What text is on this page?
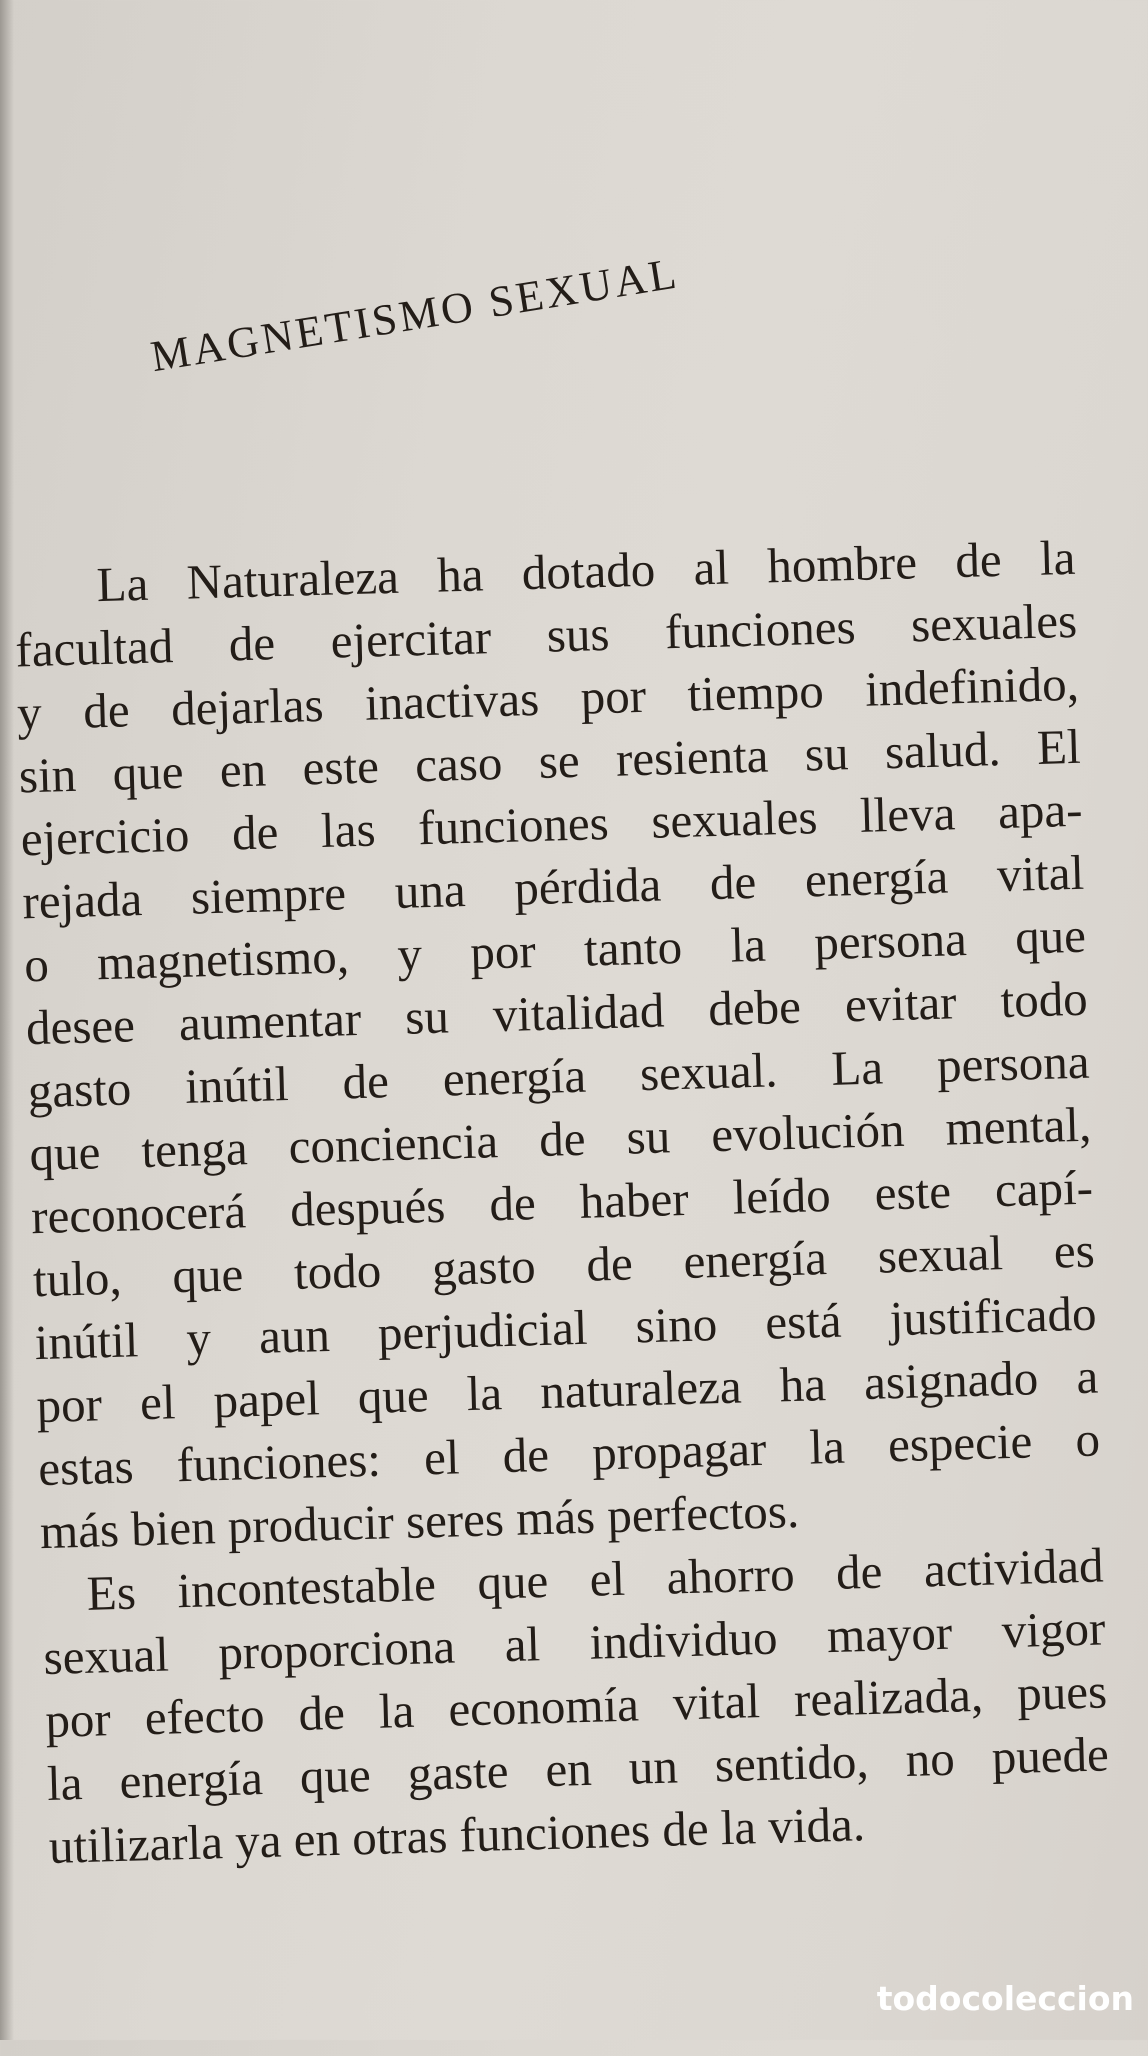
MAGNETISMO SEXUAL
La Naturaleza ha dotado al hombre de la
facultad de ejercitar sus funciones sexuales
y de dejarlas inactivas por tiempo indefinido,
sin que en este caso se resienta su salud. El
ejercicio de las funciones sexuales lleva apa-
rejada siempre una pérdida de energía vital
o magnetismo, y por tanto la persona que
desee aumentar su vitalidad debe evitar todo
gasto inútil de energía sexual. La persona
que tenga conciencia de su evolución mental,
reconocerá después de haber leído este capí-
tulo, que todo gasto de energía sexual es
inútil y aun perjudicial sino está justificado
por el papel que la naturaleza ha asignado a
estas funciones: el de propagar la especie o
más bien producir seres más perfectos.
Es incontestable que el ahorro de actividad
sexual proporciona al individuo mayor vigor
por efecto de la economía vital realizada, pues
la energía que gaste en un sentido, no puede
utilizarla ya en otras funciones de la vida.
todocoleccion
